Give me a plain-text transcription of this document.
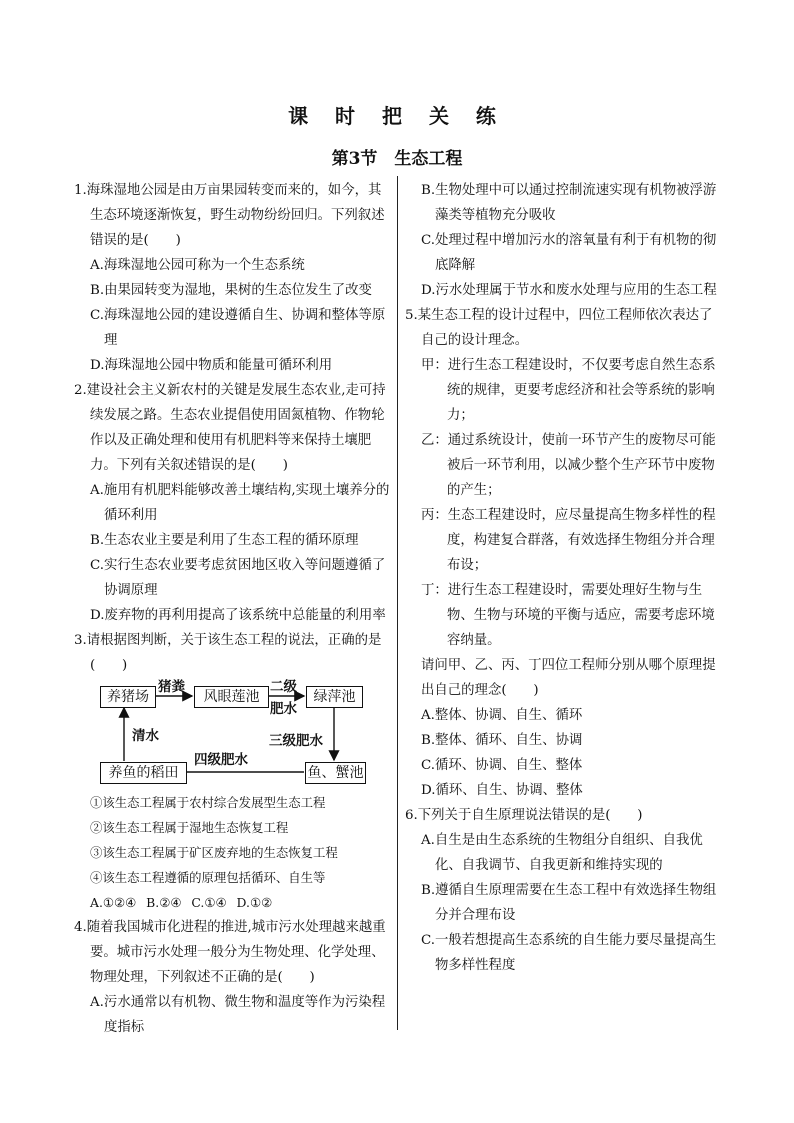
课 时 把 关 练
第3节　生态工程
1.海珠湿地公园是由万亩果园转变而来的，如今，其生态环境逐渐恢复，野生动物纷纷回归。下列叙述错误的是(　　)
A.海珠湿地公园可称为一个生态系统
B.由果园转变为湿地，果树的生态位发生了改变
C.海珠湿地公园的建设遵循自生、协调和整体等原理
D.海珠湿地公园中物质和能量可循环利用
2.建设社会主义新农村的关键是发展生态农业,走可持续发展之路。生态农业提倡使用固氮植物、作物轮作以及正确处理和使用有机肥料等来保持土壤肥力。下列有关叙述错误的是(　　)
A.施用有机肥料能够改善土壤结构,实现土壤养分的循环利用
B.生态农业主要是利用了生态工程的循环原理
C.实行生态农业要考虑贫困地区收入等问题遵循了协调原理
D.废弃物的再利用提高了该系统中总能量的利用率
3.请根据图判断，关于该生态工程的说法，正确的是(　　)
养猪场	风眼莲池	绿萍池
鱼、蟹池
养鱼的稻田
猪粪	二级
肥水
三级肥水
四级肥水
清水
①该生态工程属于农村综合发展型生态工程
②该生态工程属于湿地生态恢复工程
③该生态工程属于矿区废弃地的生态恢复工程
④该生态工程遵循的原理包括循环、自生等
A.①②④ B.②④ C.①④ D.①②
4.随着我国城市化进程的推进,城市污水处理越来越重要。城市污水处理一般分为生物处理、化学处理、物理处理，下列叙述不正确的是(　　)
A.污水通常以有机物、微生物和温度等作为污染程度指标
B.生物处理中可以通过控制流速实现有机物被浮游藻类等植物充分吸收
C.处理过程中增加污水的溶氧量有利于有机物的彻底降解
D.污水处理属于节水和废水处理与应用的生态工程
5.某生态工程的设计过程中，四位工程师依次表达了自己的设计理念。
甲：进行生态工程建设时，不仅要考虑自然生态系统的规律，更要考虑经济和社会等系统的影响力；
乙：通过系统设计，使前一环节产生的废物尽可能被后一环节利用，以减少整个生产环节中废物的产生；
丙：生态工程建设时，应尽量提高生物多样性的程度，构建复合群落，有效选择生物组分并合理布设；
丁：进行生态工程建设时，需要处理好生物与生物、生物与环境的平衡与适应，需要考虑环境容纳量。
请问甲、乙、丙、丁四位工程师分别从哪个原理提出自己的理念(　　)
A.整体、协调、自生、循环
B.整体、循环、自生、协调
C.循环、协调、自生、整体
D.循环、自生、协调、整体
6.下列关于自生原理说法错误的是(　　)
A.自生是由生态系统的生物组分自组织、自我优化、自我调节、自我更新和维持实现的
B.遵循自生原理需要在生态工程中有效选择生物组分并合理布设
C.一般若想提高生态系统的自生能力要尽量提高生物多样性程度
